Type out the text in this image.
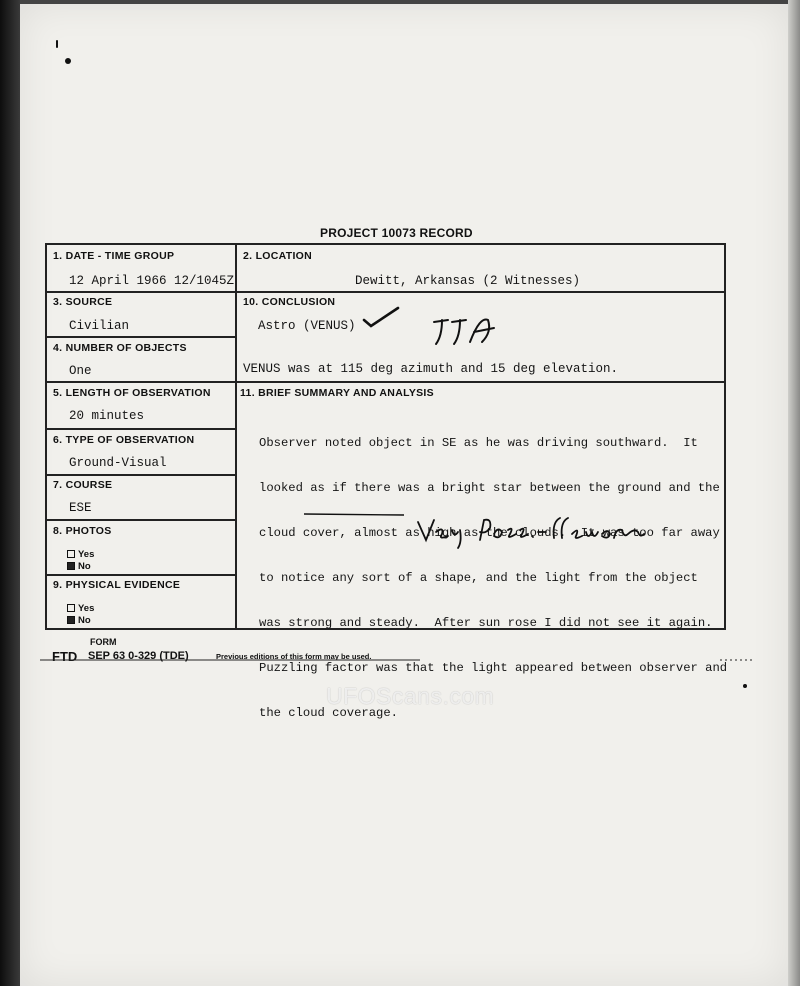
PROJECT 10073 RECORD
1. DATE - TIME GROUP
12 April 1966 12/1045Z
2. LOCATION
Dewitt, Arkansas (2 Witnesses)
3. SOURCE
Civilian
10. CONCLUSION
Astro (VENUS)
VENUS was at 115 deg azimuth and 15 deg elevation.
4. NUMBER OF OBJECTS
One
5. LENGTH OF OBSERVATION
20 minutes
11. BRIEF SUMMARY AND ANALYSIS

Observer noted object in SE as he was driving southward.  It

looked as if there was a bright star between the ground and the

cloud cover, almost as high as the clouds.  It was too far away

to notice any sort of a shape, and the light from the object

was strong and steady.  After sun rose I did not see it again.

Puzzling factor was that the light appeared between observer and

the cloud coverage.

6. TYPE OF OBSERVATION
Ground-Visual
7. COURSE
ESE
8. PHOTOS
Yes
No
9. PHYSICAL EVIDENCE
Yes
No
FORM
FTD SEP 63 0-329 (TDE)	Previous editions of this form may be used.
UFOScans.com
